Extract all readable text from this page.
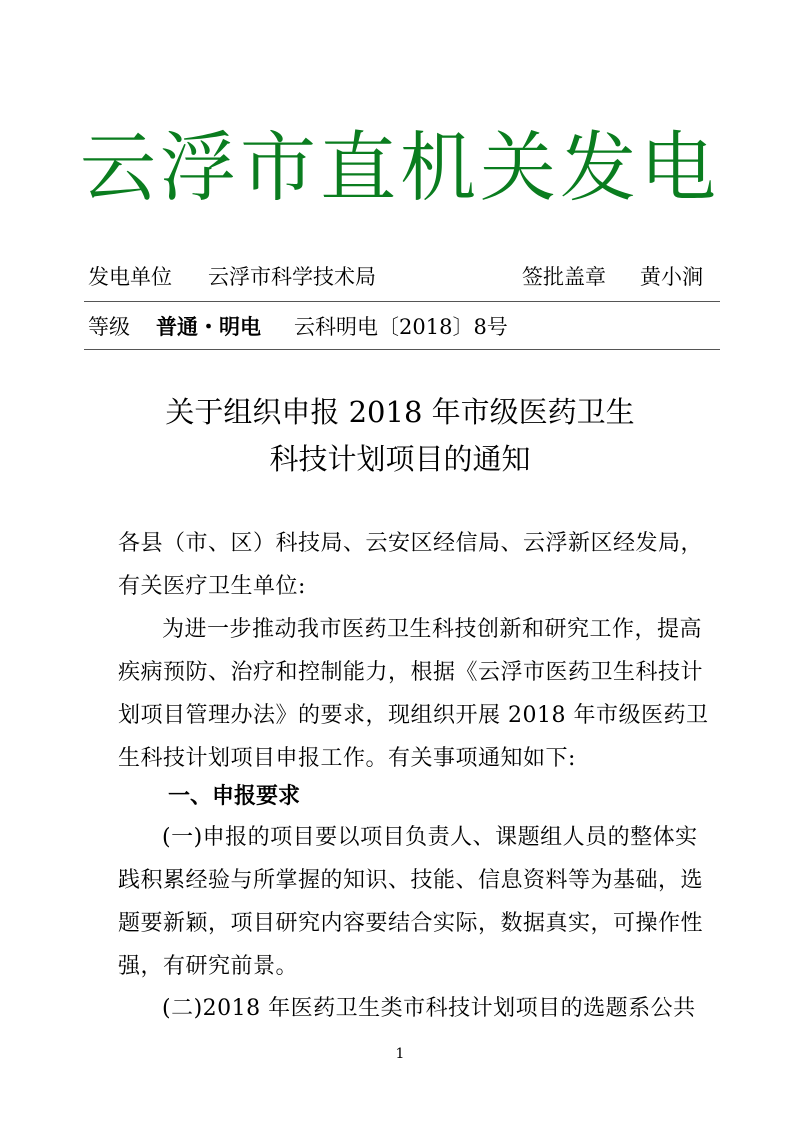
云浮市直机关发电
发电单位 云浮市科学技术局	签批盖章 黄小涧
等级 普通・明电 云科明电〔2018〕8号
关于组织申报 2018 年市级医药卫生
科技计划项目的通知
各县（市、区）科技局、云安区经信局、云浮新区经发局，
有关医疗卫生单位:
为进一步推动我市医药卫生科技创新和研究工作，提高
疾病预防、治疗和控制能力，根据《云浮市医药卫生科技计
划项目管理办法》的要求，现组织开展 2018 年市级医药卫
生科技计划项目申报工作。有关事项通知如下:
一、申报要求
(一)申报的项目要以项目负责人、课题组人员的整体实
践积累经验与所掌握的知识、技能、信息资料等为基础，选
题要新颖，项目研究内容要结合实际，数据真实，可操作性
强，有研究前景。
(二)2018 年医药卫生类市科技计划项目的选题系公共
1
